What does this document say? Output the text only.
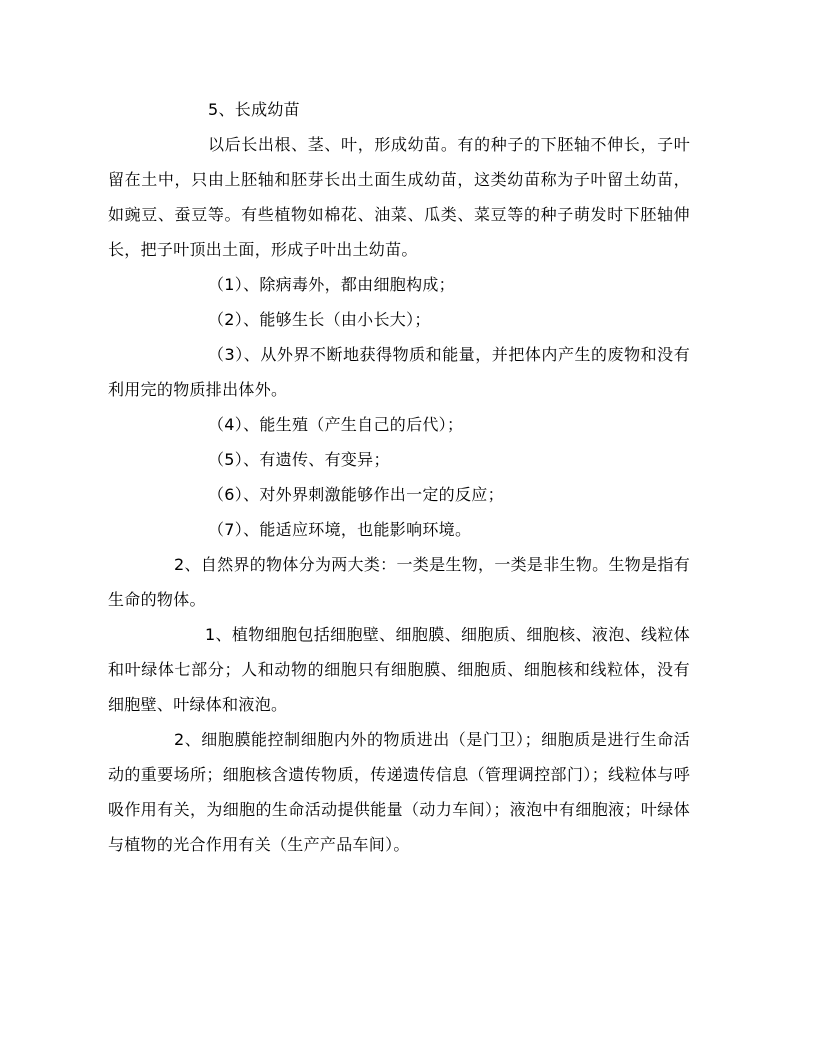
5、长成幼苗

以后长出根、茎、叶，形成幼苗。有的种子的下胚轴不伸长，子叶留在土中，只由上胚轴和胚芽长出土面生成幼苗，这类幼苗称为子叶留土幼苗，如豌豆、蚕豆等。有些植物如棉花、油菜、瓜类、菜豆等的种子萌发时下胚轴伸长，把子叶顶出土面，形成子叶出土幼苗。

（1）、除病毒外，都由细胞构成；

（2）、能够生长（由小长大）；

（3）、从外界不断地获得物质和能量，并把体内产生的废物和没有利用完的物质排出体外。

（4）、能生殖（产生自己的后代）；

（5）、有遗传、有变异；

（6）、对外界刺激能够作出一定的反应；

（7）、能适应环境，也能影响环境。

2、自然界的物体分为两大类：一类是生物，一类是非生物。生物是指有生命的物体。

1、植物细胞包括细胞壁、细胞膜、细胞质、细胞核、液泡、线粒体和叶绿体七部分；人和动物的细胞只有细胞膜、细胞质、细胞核和线粒体，没有细胞壁、叶绿体和液泡。

2、细胞膜能控制细胞内外的物质进出（是门卫）；细胞质是进行生命活动的重要场所；细胞核含遗传物质，传递遗传信息（管理调控部门）；线粒体与呼吸作用有关，为细胞的生命活动提供能量（动力车间）；液泡中有细胞液；叶绿体与植物的光合作用有关（生产产品车间）。
